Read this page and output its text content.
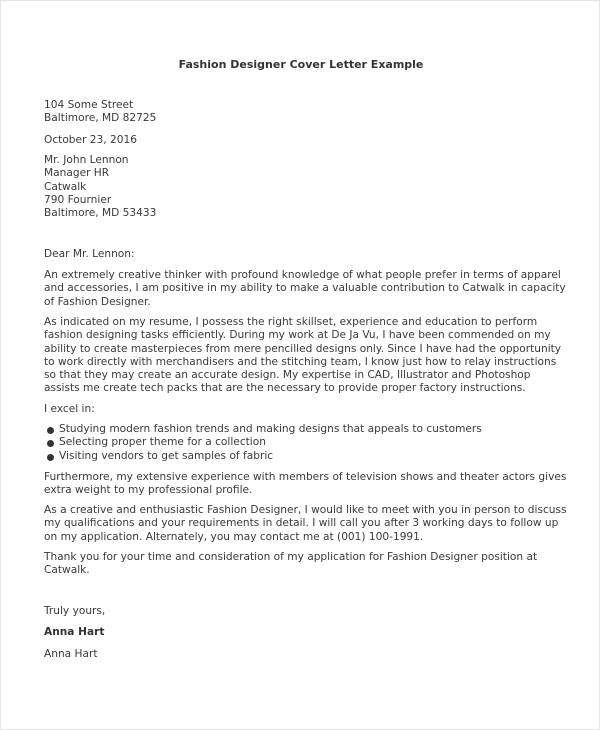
Fashion Designer Cover Letter Example
104 Some Street
Baltimore, MD 82725
October 23, 2016
Mr. John Lennon
Manager HR
Catwalk
790 Fournier
Baltimore, MD 53433
Dear Mr. Lennon:
An extremely creative thinker with profound knowledge of what people prefer in terms of apparel
and accessories, I am positive in my ability to make a valuable contribution to Catwalk in capacity
of Fashion Designer.
As indicated on my resume, I possess the right skillset, experience and education to perform
fashion designing tasks efficiently. During my work at De Ja Vu, I have been commended on my
ability to create masterpieces from mere pencilled designs only. Since I have had the opportunity
to work directly with merchandisers and the stitching team, I know just how to relay instructions
so that they may create an accurate design. My expertise in CAD, Illustrator and Photoshop
assists me create tech packs that are the necessary to provide proper factory instructions.
I excel in:
Studying modern fashion trends and making designs that appeals to customers
Selecting proper theme for a collection
Visiting vendors to get samples of fabric
Furthermore, my extensive experience with members of television shows and theater actors gives
extra weight to my professional profile.
As a creative and enthusiastic Fashion Designer, I would like to meet with you in person to discuss
my qualifications and your requirements in detail. I will call you after 3 working days to follow up
on my application. Alternately, you may contact me at (001) 100-1991.
Thank you for your time and consideration of my application for Fashion Designer position at
Catwalk.
Truly yours,
Anna Hart
Anna Hart
